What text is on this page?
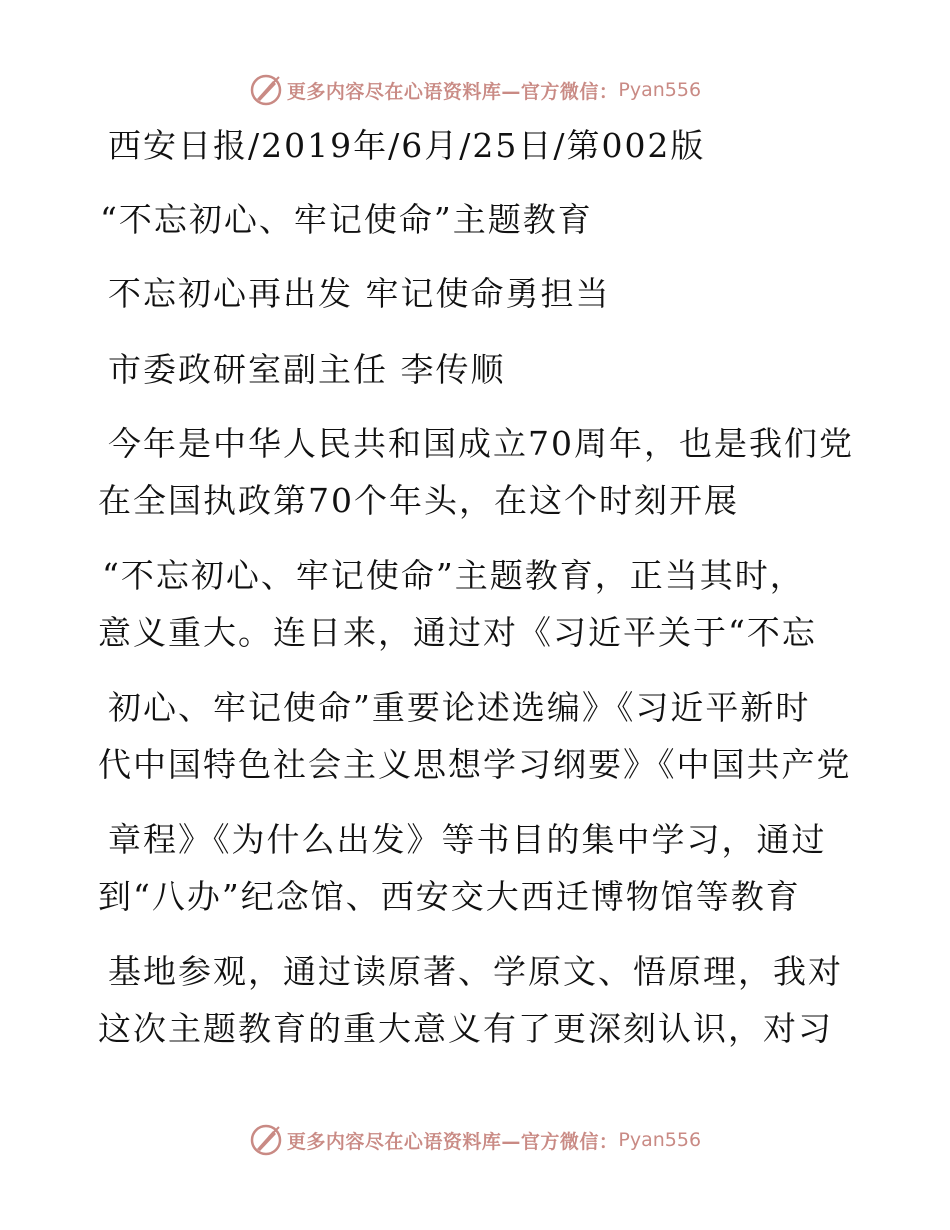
更多内容尽在心语资料库—官方微信： Pyan556
西安日报/2019年/6月/25日/第002版
“不忘初心、牢记使命”主题教育
不忘初心再出发 牢记使命勇担当
市委政研室副主任 李传顺
今年是中华人民共和国成立70周年，也是我们党
在全国执政第70个年头，在这个时刻开展
“不忘初心、牢记使命”主题教育，正当其时，
意义重大。连日来，通过对《习近平关于“不忘
初心、牢记使命”重要论述选编》《习近平新时
代中国特色社会主义思想学习纲要》《中国共产党
章程》《为什么出发》等书目的集中学习，通过
到“八办”纪念馆、西安交大西迁博物馆等教育
基地参观，通过读原著、学原文、悟原理，我对
这次主题教育的重大意义有了更深刻认识，对习
更多内容尽在心语资料库—官方微信： Pyan556
